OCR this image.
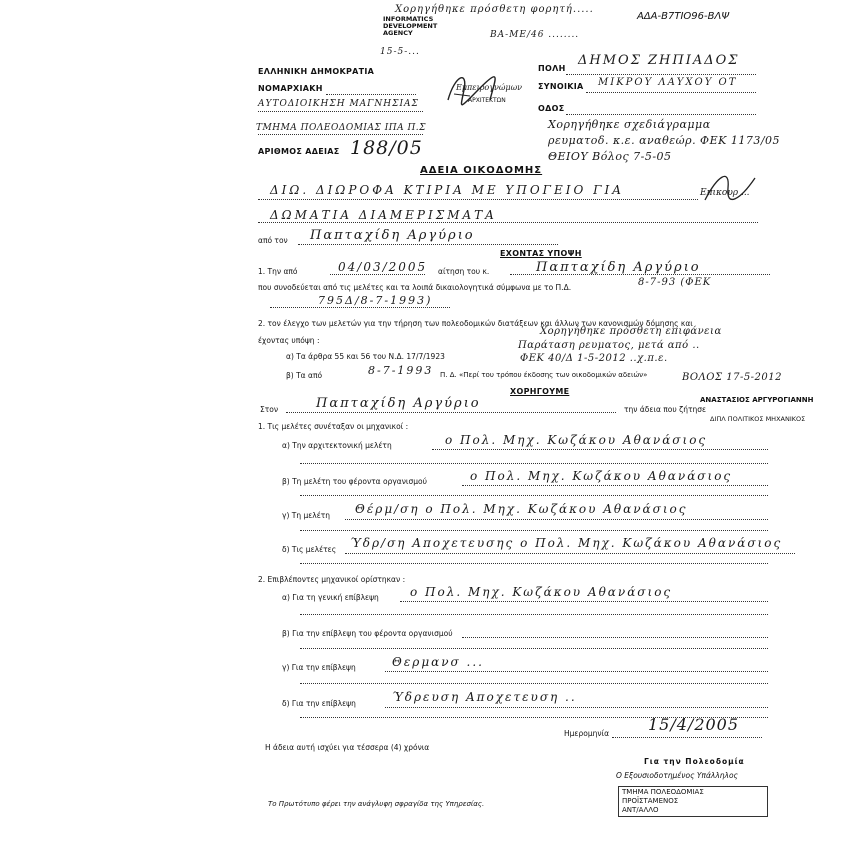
Χορηγήθηκε πρόσθετη φορητή.....
ΑΔΑ-Β7ΤΙΟ96-ΒΛΨ
INFORMATICS
DEVELOPMENT
AGENCY	ΒΑ-ΜΕ/46 ........
15-5-...
ΕΛΛΗΝΙΚΗ ΔΗΜΟΚΡΑΤΙΑ
ΝΟΜΑΡΧΙΑΚΗ
ΑΥΤΟΔΙΟΙΚΗΣΗ ΜΑΓΝΗΣΙΑΣ
ΤΜΗΜΑ ΠΟΛΕΟΔΟΜΙΑΣ ΙΠΑ Π.Σ
ΑΡΙΘΜΟΣ ΑΔΕΙΑΣ 188/05
Εμπειρογνώμων
ΑΡΧΙΤΕΚΤΩΝ
ΠΟΛΗ
ΔΗΜΟΣ ΖΗΠΙΑΔΟΣ
ΣΥΝΟΙΚΙΑ ΜΙΚΡΟΥ ΛΑΥΧΟΥ ΟΤ
ΟΔΟΣ
Χορηγήθηκε σχεδιάγραμμα
ρευματοδ. κ.ε. αναθεώρ. ΦΕΚ 1173/05
ΘΕΙΟΥ Βόλος 7-5-05
ΑΔΕΙΑ ΟΙΚΟΔΟΜΗΣ
ΔΙΩ. ΔΙΩΡΟΦΑ ΚΤΙΡΙΑ ΜΕ ΥΠΟΓΕΙΟ ΓΙΑ	Επικουρ ...
ΔΩΜΑΤΙΑ ΔΙΑΜΕΡΙΣΜΑΤΑ
από τον Παπταχίδη Αργύριο
ΕΧΟΝΤΑΣ ΥΠΟΨΗ
1. Την από	04/03/2005 αίτηση του κ.	Παπταχίδη Αργύριο
που συνοδεύεται από τις μελέτες και τα λοιπά δικαιολογητικά σύμφωνα με το Π.Δ.	8-7-93 (ΦΕΚ
795Δ/8-7-1993)
2. τον έλεγχο των μελετών για την τήρηση των πολεοδομικών διατάξεων και άλλων των κανονισμών δόμησης και
έχοντας υπόψη :
Χορηγήθηκε πρόσθετη επιφάνεια
Παράταση ρευματος, μετά από ..
α) Τα άρθρα 55 και 56 του Ν.Δ. 17/7/1923	ΦΕΚ 40/Δ 1-5-2012 ..χ.π.ε.
β) Τα από	8-7-1993 Π. Δ. «Περί του τρόπου έκδοσης των οικοδομικών αδειών»	ΒΟΛΟΣ 17-5-2012
ΧΟΡΗΓΟΥΜΕ
Στον	Παπταχίδη Αργύριο	την άδεια που ζήτησε
ΑΝΑΣΤΑΣΙΟΣ ΑΡΓΥΡΟΓΙΑΝΝΗ
ΔΙΠΛ ΠΟΛΙΤΙΚΟΣ ΜΗΧΑΝΙΚΟΣ
1. Τις μελέτες συνέταξαν οι μηχανικοί :
α) Την αρχιτεκτονική μελέτη	ο Πολ. Μηχ. Κωζάκου Αθανάσιος
β) Τη μελέτη του φέροντα οργανισμού	ο Πολ. Μηχ. Κωζάκου Αθανάσιος
γ) Τη μελέτη Θέρμ/ση ο Πολ. Μηχ. Κωζάκου Αθανάσιος
δ) Τις μελέτες Ύδρ/ση Αποχετευσης ο Πολ. Μηχ. Κωζάκου Αθανάσιος
2. Επιβλέποντες μηχανικοί ορίστηκαν :
α) Για τη γενική επίβλεψη	ο Πολ. Μηχ. Κωζάκου Αθανάσιος
β) Για την επίβλεψη του φέροντα οργανισμού
γ) Για την επίβλεψη	Θερμανσ ...
δ) Για την επίβλεψη	Ύδρευση Αποχετευση ..
Ημερομηνία 15/4/2005
Η άδεια αυτή ισχύει για τέσσερα (4) χρόνια
Για την Πολεοδομία
Ο Εξουσιοδοτημένος Υπάλληλος
ΤΜΗΜΑ ΠΟΛΕΟΔΟΜΙΑΣ
ΠΡΟΪΣΤΑΜΕΝΟΣ
ΑΝΤ/ΑΛΛΟ
Το Πρωτότυπο φέρει την ανάγλυφη σφραγίδα της Υπηρεσίας.
